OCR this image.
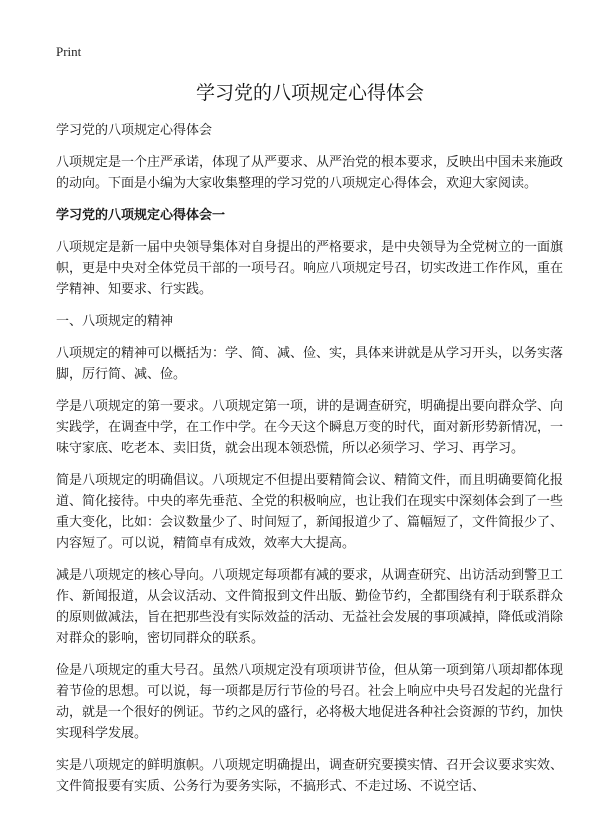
Print
学习党的八项规定心得体会

学习党的八项规定心得体会

八项规定是一个庄严承诺，体现了从严要求、从严治党的根本要求，反映出中国未来施政的动向。下面是小编为大家收集整理的学习党的八项规定心得体会，欢迎大家阅读。

学习党的八项规定心得体会一

八项规定是新一届中央领导集体对自身提出的严格要求，是中央领导为全党树立的一面旗帜，更是中央对全体党员干部的一项号召。响应八项规定号召，切实改进工作作风，重在学精神、知要求、行实践。

一、八项规定的精神

八项规定的精神可以概括为：学、简、减、俭、实，具体来讲就是从学习开头，以务实落脚，厉行简、减、俭。

学是八项规定的第一要求。八项规定第一项，讲的是调查研究，明确提出要向群众学、向实践学，在调查中学，在工作中学。在今天这个瞬息万变的时代，面对新形势新情况，一味守家底、吃老本、卖旧货，就会出现本领恐慌，所以必须学习、学习、再学习。

简是八项规定的明确倡议。八项规定不但提出要精简会议、精简文件，而且明确要简化报道、简化接待。中央的率先垂范、全党的积极响应，也让我们在现实中深刻体会到了一些重大变化，比如：会议数量少了、时间短了，新闻报道少了、篇幅短了，文件简报少了、内容短了。可以说，精简卓有成效，效率大大提高。

减是八项规定的核心导向。八项规定每项都有减的要求，从调查研究、出访活动到警卫工作、新闻报道，从会议活动、文件简报到文件出版、勤俭节约，全都围绕有利于联系群众的原则做减法，旨在把那些没有实际效益的活动、无益社会发展的事项减掉，降低或消除对群众的影响，密切同群众的联系。

俭是八项规定的重大号召。虽然八项规定没有项项讲节俭，但从第一项到第八项却都体现着节俭的思想。可以说，每一项都是厉行节俭的号召。社会上响应中央号召发起的光盘行动，就是一个很好的例证。节约之风的盛行，必将极大地促进各种社会资源的节约，加快实现科学发展。

实是八项规定的鲜明旗帜。八项规定明确提出，调查研究要摸实情、召开会议要求实效、文件简报要有实质、公务行为要务实际，不搞形式、不走过场、不说空话、
